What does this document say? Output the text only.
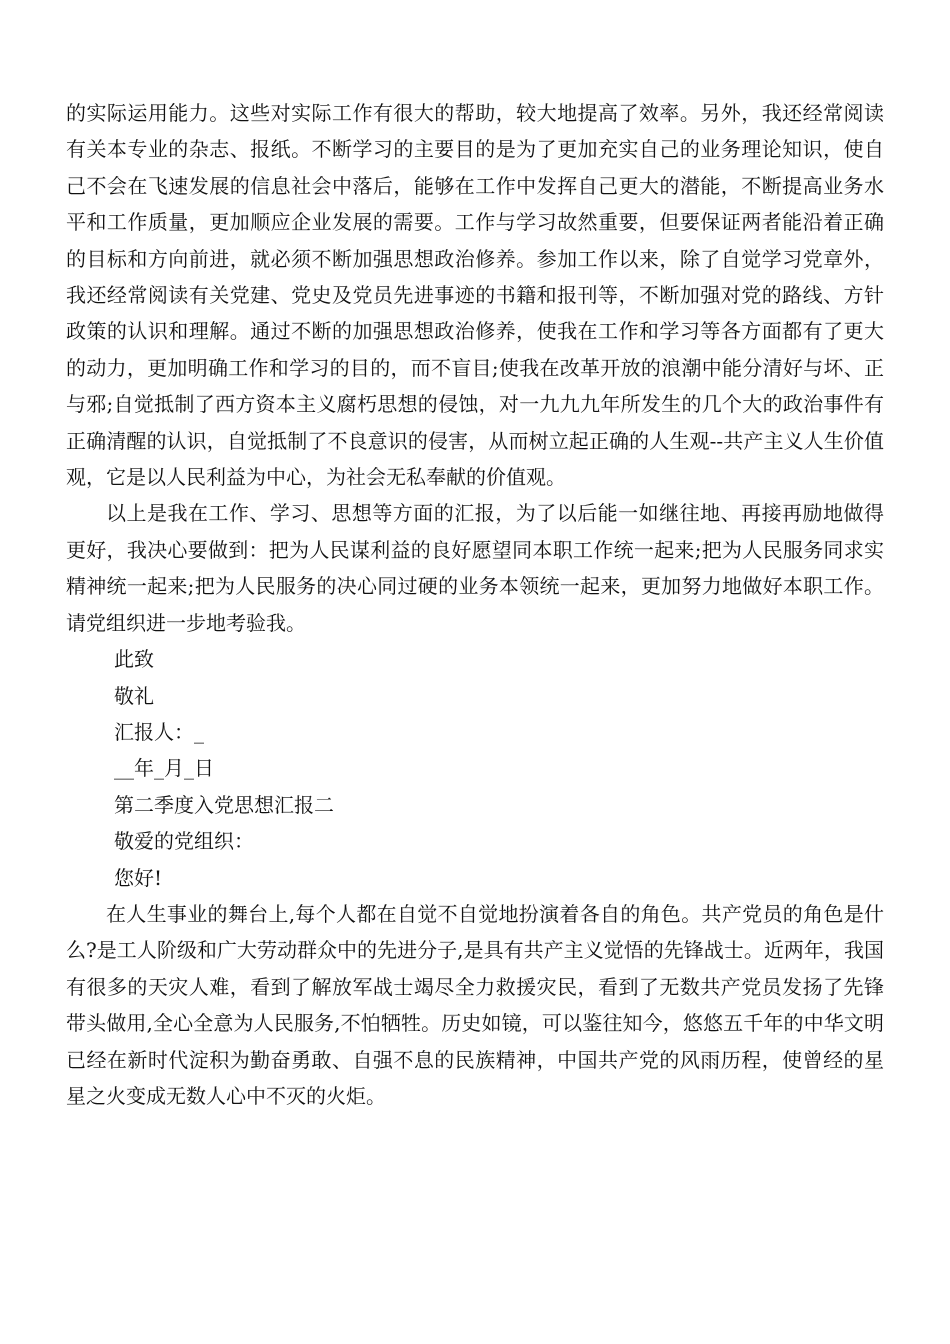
的实际运用能力。这些对实际工作有很大的帮助，较大地提高了效率。另外，我还经常阅读有关本专业的杂志、报纸。不断学习的主要目的是为了更加充实自己的业务理论知识，使自己不会在飞速发展的信息社会中落后，能够在工作中发挥自己更大的潜能，不断提高业务水平和工作质量，更加顺应企业发展的需要。工作与学习故然重要，但要保证两者能沿着正确的目标和方向前进，就必须不断加强思想政治修养。参加工作以来，除了自觉学习党章外，我还经常阅读有关党建、党史及党员先进事迹的书籍和报刊等，不断加强对党的路线、方针政策的认识和理解。通过不断的加强思想政治修养，使我在工作和学习等各方面都有了更大的动力，更加明确工作和学习的目的，而不盲目;使我在改革开放的浪潮中能分清好与坏、正与邪;自觉抵制了西方资本主义腐朽思想的侵蚀，对一九九九年所发生的几个大的政治事件有正确清醒的认识，自觉抵制了不良意识的侵害，从而树立起正确的人生观--共产主义人生价值观，它是以人民利益为中心，为社会无私奉献的价值观。

以上是我在工作、学习、思想等方面的汇报，为了以后能一如继往地、再接再励地做得更好，我决心要做到：把为人民谋利益的良好愿望同本职工作统一起来;把为人民服务同求实精神统一起来;把为人民服务的决心同过硬的业务本领统一起来，更加努力地做好本职工作。请党组织进一步地考验我。

此致

敬礼

汇报人：_

__年_月_日

第二季度入党思想汇报二

敬爱的党组织：

您好!

在人生事业的舞台上,每个人都在自觉不自觉地扮演着各自的角色。共产党员的角色是什么?是工人阶级和广大劳动群众中的先进分子,是具有共产主义觉悟的先锋战士。近两年，我国有很多的天灾人难，看到了解放军战士竭尽全力救援灾民，看到了无数共产党员发扬了先锋带头做用,全心全意为人民服务,不怕牺牲。历史如镜，可以鉴往知今，悠悠五千年的中华文明已经在新时代淀积为勤奋勇敢、自强不息的民族精神，中国共产党的风雨历程，使曾经的星星之火变成无数人心中不灭的火炬。
